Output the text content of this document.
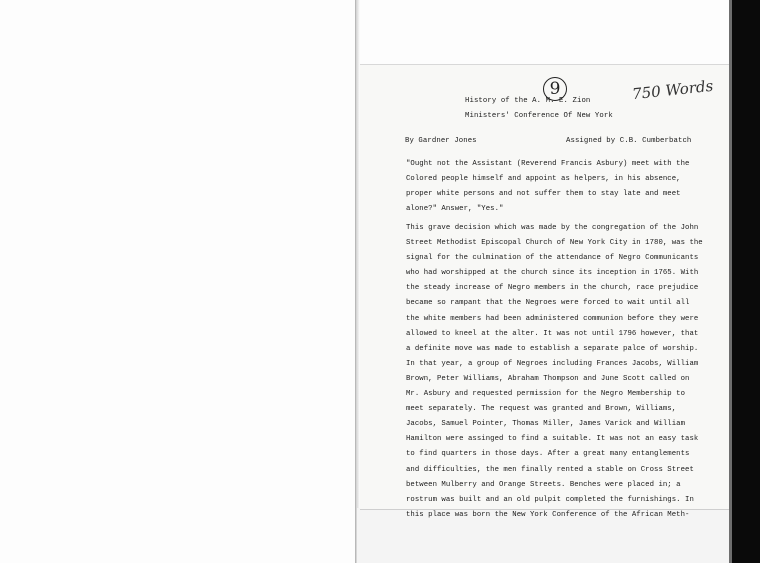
History of the A. M. E. Zion
Ministers' Conference Of New York
9	750 Words
By Gardner Jones	Assigned by C.B. Cumberbatch
"Ought not the Assistant (Reverend Francis Asbury) meet with the
Colored people himself and appoint as helpers, in his absence,
proper white persons and not suffer them to stay late and meet
alone?" Answer, "Yes."
This grave decision which was made by the congregation of the John
Street Methodist Episcopal Church of New York City in 1780, was the
signal for the culmination of the attendance of Negro Communicants
who had worshipped at the church since its inception in 1765. With
the steady increase of Negro members in the church, race prejudice
became so rampant that the Negroes were forced to wait until all
the white members had been administered communion before they were
allowed to kneel at the alter. It was not until 1796 however, that
a definite move was made to establish a separate palce of worship.
In that year, a group of Negroes including Frances Jacobs, William
Brown, Peter Williams, Abraham Thompson and June Scott called on
Mr. Asbury and requested permission for the Negro Membership to
meet separately. The request was granted and Brown, Williams,
Jacobs, Samuel Pointer, Thomas Miller, James Varick and William
Hamilton were assinged to find a suitable. It was not an easy task
to find quarters in those days. After a great many entanglements
and difficulties, the men finally rented a stable on Cross Street
between Mulberry and Orange Streets. Benches were placed in; a
rostrum was built and an old pulpit completed the furnishings. In
this place was born the New York Conference of the African Meth-
